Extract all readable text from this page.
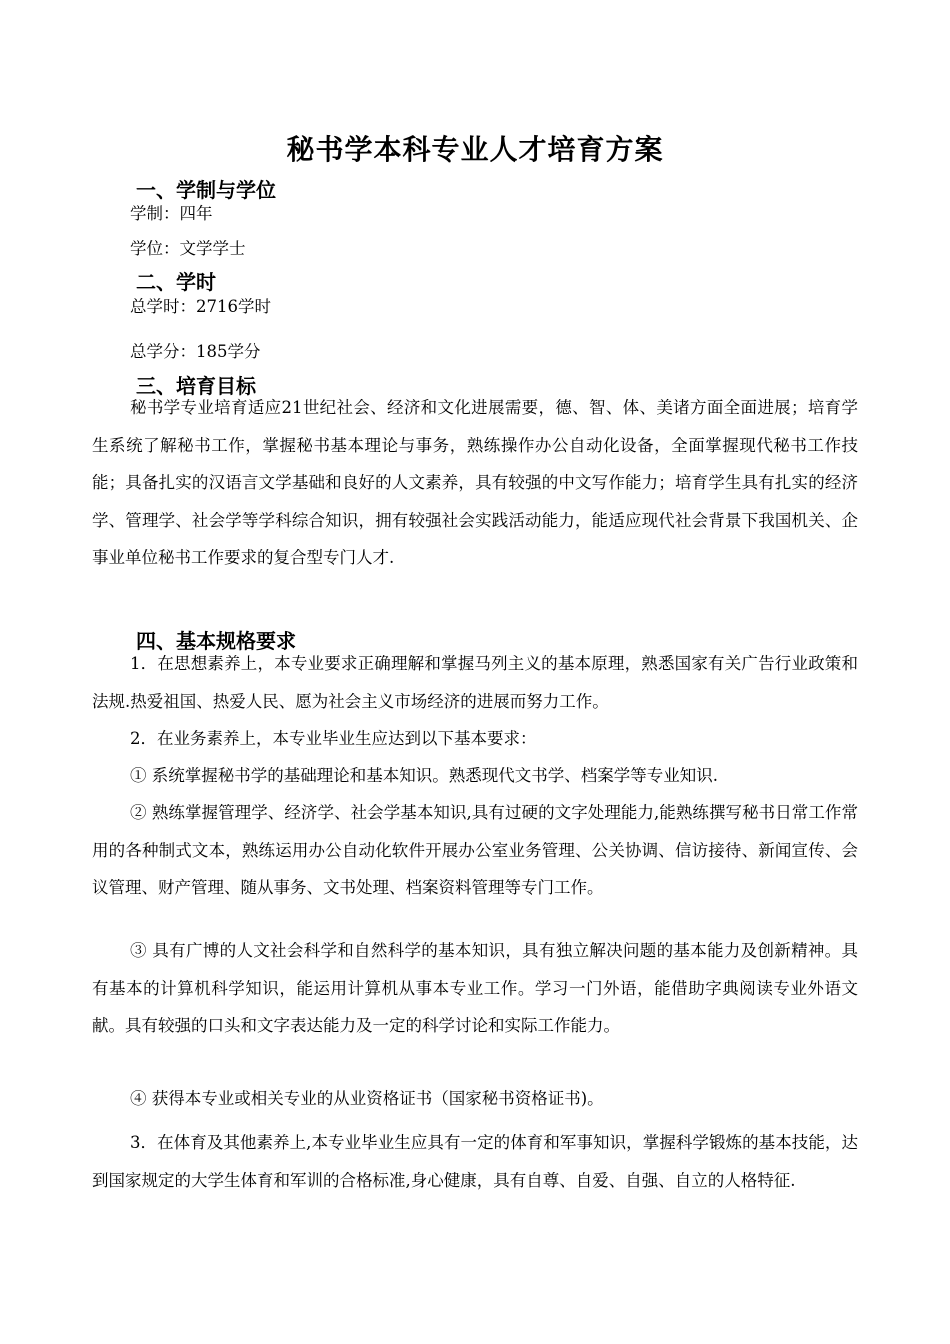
秘书学本科专业人才培育方案
一、学制与学位

学制：四年

学位：文学学士

二、学时

总学时：2716学时

总学分：185学分

三、培育目标

秘书学专业培育适应21世纪社会、经济和文化进展需要，德、智、体、美诸方面全面进展；培育学生系统了解秘书工作，掌握秘书基本理论与事务，熟练操作办公自动化设备，全面掌握现代秘书工作技能；具备扎实的汉语言文学基础和良好的人文素养，具有较强的中文写作能力；培育学生具有扎实的经济学、管理学、社会学等学科综合知识，拥有较强社会实践活动能力，能适应现代社会背景下我国机关、企事业单位秘书工作要求的复合型专门人才.

四、基本规格要求

1．在思想素养上，本专业要求正确理解和掌握马列主义的基本原理，熟悉国家有关广告行业政策和法规.热爱祖国、热爱人民、愿为社会主义市场经济的进展而努力工作。

2．在业务素养上，本专业毕业生应达到以下基本要求：

① 系统掌握秘书学的基础理论和基本知识。熟悉现代文书学、档案学等专业知识.

② 熟练掌握管理学、经济学、社会学基本知识,具有过硬的文字处理能力,能熟练撰写秘书日常工作常用的各种制式文本，熟练运用办公自动化软件开展办公室业务管理、公关协调、信访接待、新闻宣传、会议管理、财产管理、随从事务、文书处理、档案资料管理等专门工作。

③ 具有广博的人文社会科学和自然科学的基本知识，具有独立解决问题的基本能力及创新精神。具有基本的计算机科学知识，能运用计算机从事本专业工作。学习一门外语，能借助字典阅读专业外语文献。具有较强的口头和文字表达能力及一定的科学讨论和实际工作能力。

④ 获得本专业或相关专业的从业资格证书（国家秘书资格证书)。

3．在体育及其他素养上,本专业毕业生应具有一定的体育和军事知识，掌握科学锻炼的基本技能，达到国家规定的大学生体育和军训的合格标准,身心健康，具有自尊、自爱、自强、自立的人格特征.
